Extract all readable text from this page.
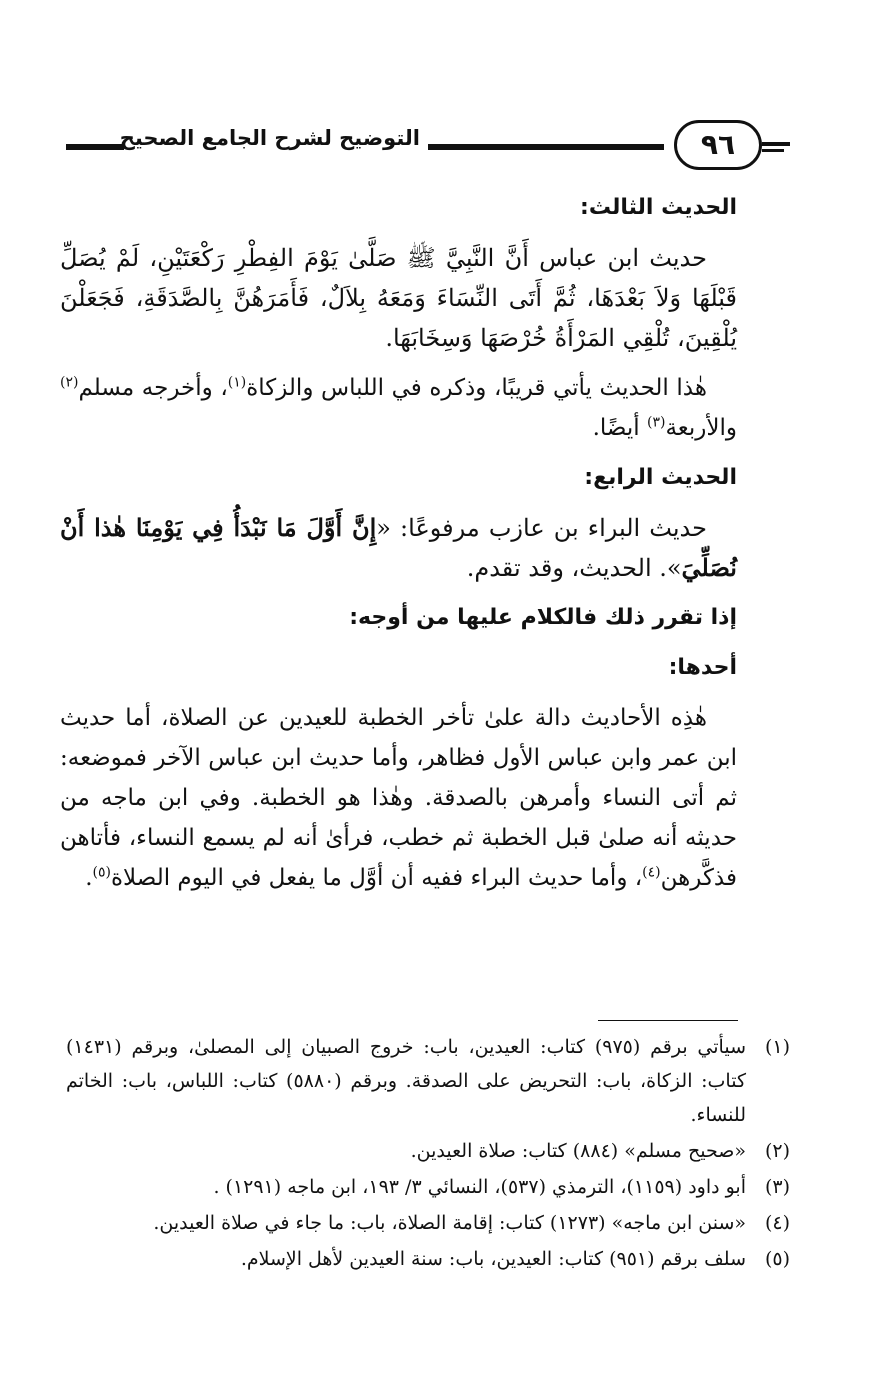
التوضيح لشرح الجامع الصحيح	٩٦
الحديث الثالث:
حديث ابن عباس أَنَّ النَّبِيَّ ﷺ صَلَّىٰ يَوْمَ الفِطْرِ رَكْعَتَيْنِ، لَمْ يُصَلِّ قَبْلَهَا وَلاَ بَعْدَهَا، ثُمَّ أَتَى النِّسَاءَ وَمَعَهُ بِلاَلٌ، فَأَمَرَهُنَّ بِالصَّدَقَةِ، فَجَعَلْنَ يُلْقِينَ، تُلْقِي المَرْأَةُ خُرْصَهَا وَسِخَابَهَا.
هٰذا الحديث يأتي قريبًا، وذكره في اللباس والزكاة$^{(١)}$، وأخرجه مسلم$^{(٢)}$ والأربعة$^{(٣)}$ أيضًا.
الحديث الرابع:
حديث البراء بن عازب مرفوعًا: «إِنَّ أَوَّلَ مَا نَبْدَأُ فِي يَوْمِنَا هٰذا أَنْ نُصَلِّيَ». الحديث، وقد تقدم.
إذا تقرر ذلك فالكلام عليها من أوجه:
أحدها:
هٰذِه الأحاديث دالة علىٰ تأخر الخطبة للعيدين عن الصلاة، أما حديث ابن عمر وابن عباس الأول فظاهر، وأما حديث ابن عباس الآخر فموضعه: ثم أتى النساء وأمرهن بالصدقة. وهٰذا هو الخطبة. وفي ابن ماجه من حديثه أنه صلىٰ قبل الخطبة ثم خطب، فرأىٰ أنه لم يسمع النساء، فأتاهن فذكَّرهن$^{(٤)}$، وأما حديث البراء ففيه أن أوَّل ما يفعل في اليوم الصلاة$^{(٥)}$.
(١)
سيأتي برقم (٩٧٥) كتاب: العيدين، باب: خروج الصبيان إلى المصلىٰ، وبرقم (١٤٣١) كتاب: الزكاة، باب: التحريض على الصدقة. وبرقم (٥٨٨٠) كتاب: اللباس، باب: الخاتم للنساء.
(٢)
«صحيح مسلم» (٨٨٤) كتاب: صلاة العيدين.
(٣)
أبو داود (١١٥٩)، الترمذي (٥٣٧)، النسائي ٣/ ١٩٣، ابن ماجه (١٢٩١) .
(٤)
«سنن ابن ماجه» (١٢٧٣) كتاب: إقامة الصلاة، باب: ما جاء في صلاة العيدين.
(٥)
سلف برقم (٩٥١) كتاب: العيدين، باب: سنة العيدين لأهل الإسلام.
